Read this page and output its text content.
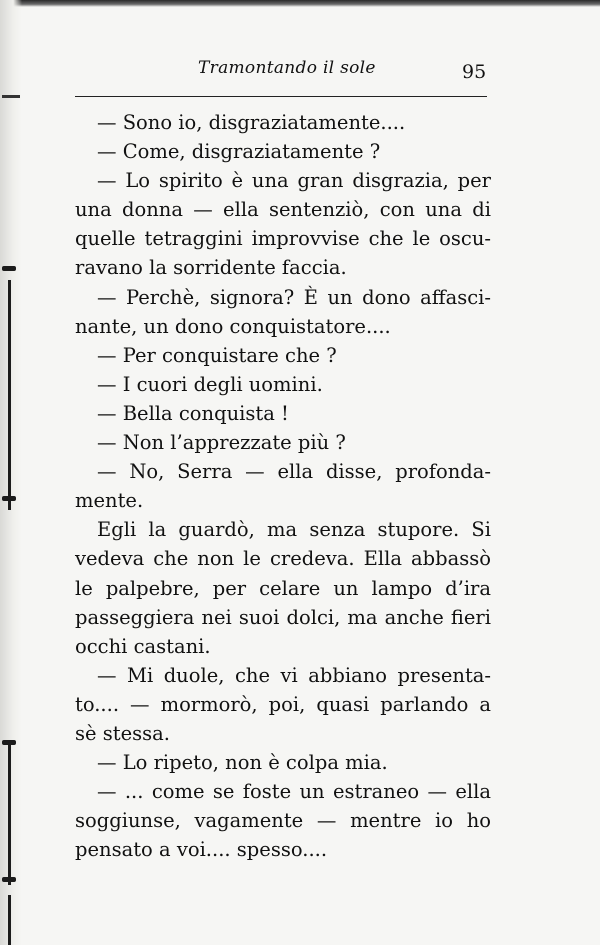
Tramontando il sole	95
— Sono io, disgraziatamente....
— Come, disgraziatamente ?
— Lo spirito è una gran disgrazia, per
una donna — ella sentenziò, con una di
quelle tetraggini improvvise che le oscu-
ravano la sorridente faccia.
— Perchè, signora? È un dono affasci-
nante, un dono conquistatore....
— Per conquistare che ?
— I cuori degli uomini.
— Bella conquista !
— Non l’apprezzate più ?
— No, Serra — ella disse, profonda-
mente.
Egli la guardò, ma senza stupore. Si
vedeva che non le credeva. Ella abbassò
le palpebre, per celare un lampo d’ira
passeggiera nei suoi dolci, ma anche fieri
occhi castani.
— Mi duole, che vi abbiano presenta-
to.... — mormorò, poi, quasi parlando a
sè stessa.
— Lo ripeto, non è colpa mia.
— ... come se foste un estraneo — ella
soggiunse, vagamente — mentre io ho
pensato a voi.... spesso....
